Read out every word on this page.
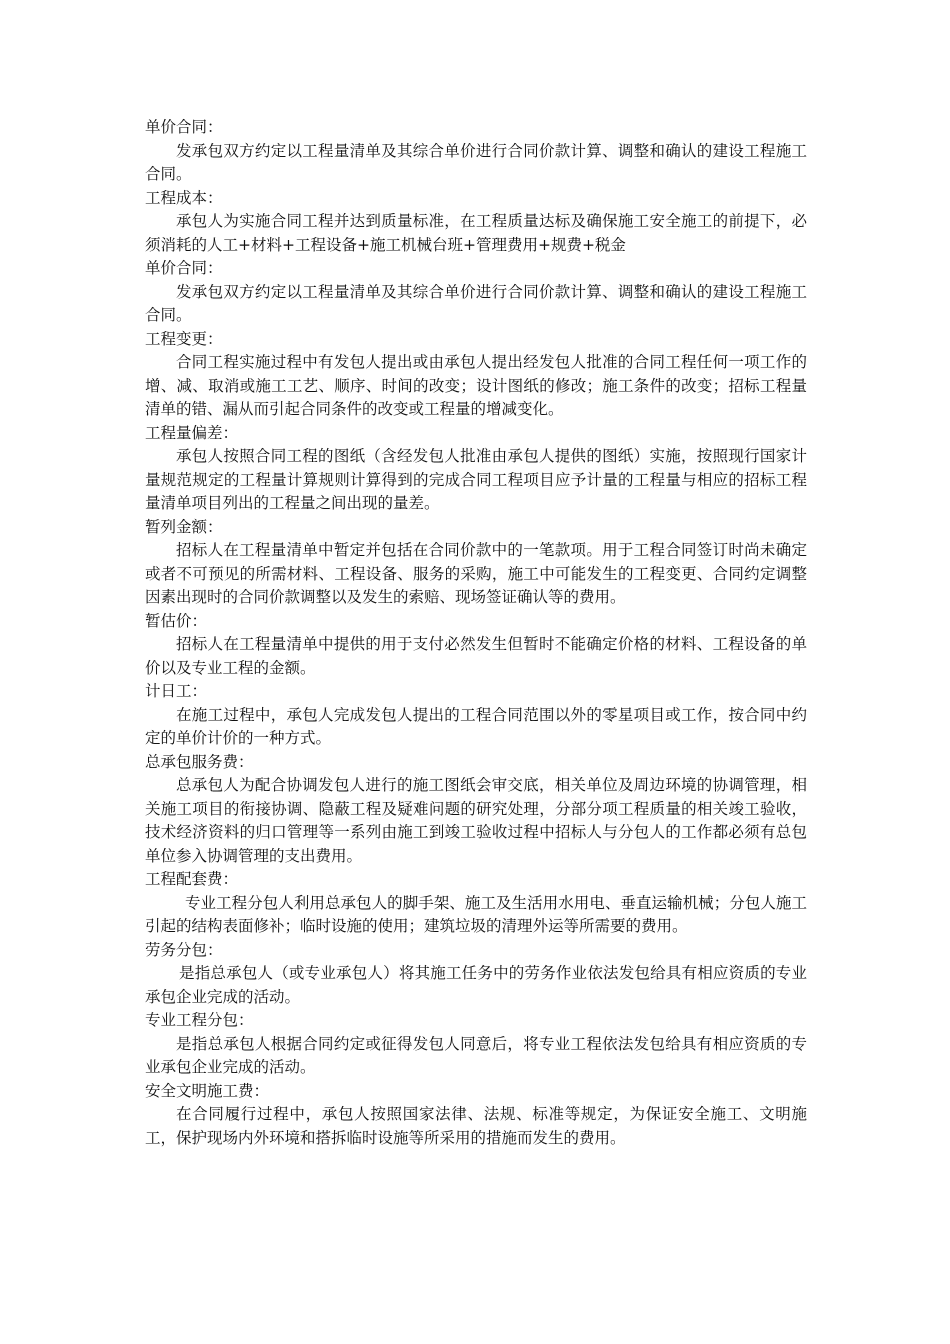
单价合同：

发承包双方约定以工程量清单及其综合单价进行合同价款计算、调整和确认的建设工程施工合同。

工程成本：

承包人为实施合同工程并达到质量标准，在工程质量达标及确保施工安全施工的前提下，必须消耗的人工+材料+工程设备+施工机械台班+管理费用+规费+税金

单价合同：

发承包双方约定以工程量清单及其综合单价进行合同价款计算、调整和确认的建设工程施工合同。

工程变更：

合同工程实施过程中有发包人提出或由承包人提出经发包人批准的合同工程任何一项工作的增、减、取消或施工工艺、顺序、时间的改变；设计图纸的修改；施工条件的改变；招标工程量清单的错、漏从而引起合同条件的改变或工程量的增减变化。

工程量偏差：

承包人按照合同工程的图纸（含经发包人批准由承包人提供的图纸）实施，按照现行国家计量规范规定的工程量计算规则计算得到的完成合同工程项目应予计量的工程量与相应的招标工程量清单项目列出的工程量之间出现的量差。

暂列金额：

招标人在工程量清单中暂定并包括在合同价款中的一笔款项。用于工程合同签订时尚未确定或者不可预见的所需材料、工程设备、服务的采购，施工中可能发生的工程变更、合同约定调整因素出现时的合同价款调整以及发生的索赔、现场签证确认等的费用。

暂估价：

招标人在工程量清单中提供的用于支付必然发生但暂时不能确定价格的材料、工程设备的单价以及专业工程的金额。

计日工：

在施工过程中，承包人完成发包人提出的工程合同范围以外的零星项目或工作，按合同中约定的单价计价的一种方式。

总承包服务费：

总承包人为配合协调发包人进行的施工图纸会审交底，相关单位及周边环境的协调管理，相关施工项目的衔接协调、隐蔽工程及疑难问题的研究处理，分部分项工程质量的相关竣工验收，技术经济资料的归口管理等一系列由施工到竣工验收过程中招标人与分包人的工作都必须有总包单位参入协调管理的支出费用。

工程配套费：

专业工程分包人利用总承包人的脚手架、施工及生活用水用电、垂直运输机械；分包人施工引起的结构表面修补；临时设施的使用；建筑垃圾的清理外运等所需要的费用。

劳务分包：

是指总承包人（或专业承包人）将其施工任务中的劳务作业依法发包给具有相应资质的专业承包企业完成的活动。

专业工程分包：

是指总承包人根据合同约定或征得发包人同意后，将专业工程依法发包给具有相应资质的专业承包企业完成的活动。

安全文明施工费：

在合同履行过程中，承包人按照国家法律、法规、标准等规定，为保证安全施工、文明施工，保护现场内外环境和搭拆临时设施等所采用的措施而发生的费用。
